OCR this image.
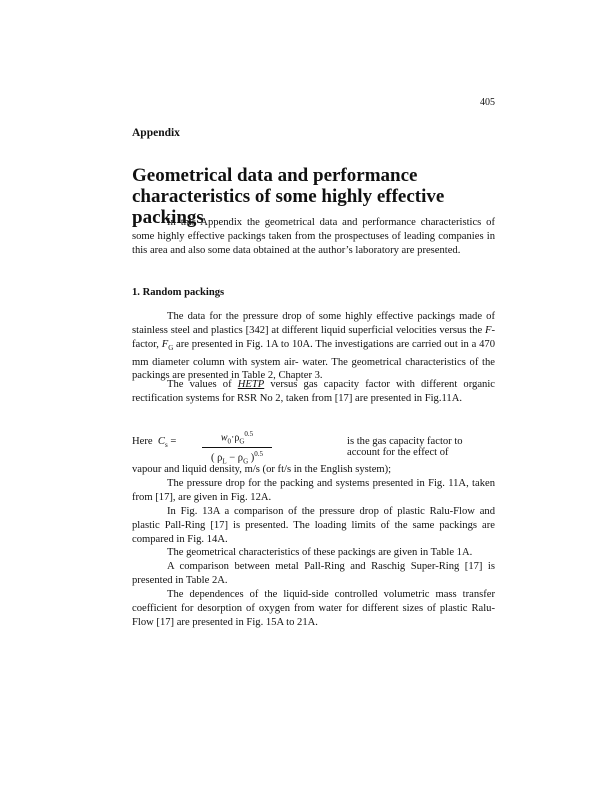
405
Appendix
Geometrical data and performance characteristics of some highly effective packings

In this Appendix the geometrical data and performance characteristics of some highly effective packings taken from the prospectuses of leading companies in this area and also some data obtained at the author’s laboratory are presented.

1. Random packings

The data for the pressure drop of some highly effective packings made of stainless steel and plastics [342] at different liquid superficial velocities versus the F-factor, $F_G$ are presented in Fig. 1A to 10A. The investigations are carried out in a 470 mm diameter column with system air- water. The geometrical characteristics of the packings are presented in Table 2, Chapter 3.

The values of HETP versus gas capacity factor with different organic rectification systems for RSR No 2, taken from [17] are presented in Fig.11A.

Here $C_s$ =	$\frac{w_0\cdot\rho_G^{0.5}}{( \rho_L - \rho_G )^{0.5}}$	is the gas capacity factor to account for the effect of

vapour and liquid density, m/s (or ft/s in the English system);

The pressure drop for the packing and systems presented in Fig. 11A, taken from [17], are given in Fig. 12A.

In Fig. 13A a comparison of the pressure drop of plastic Ralu-Flow and plastic Pall-Ring [17] is presented. The loading limits of the same packings are compared in Fig. 14A.

The geometrical characteristics of these packings are given in Table 1A.

A comparison between metal Pall-Ring and Raschig Super-Ring [17] is presented in Table 2A.

The dependences of the liquid-side controlled volumetric mass transfer coefficient for desorption of oxygen from water for different sizes of plastic Ralu-Flow [17] are presented in Fig. 15A to 21A.
